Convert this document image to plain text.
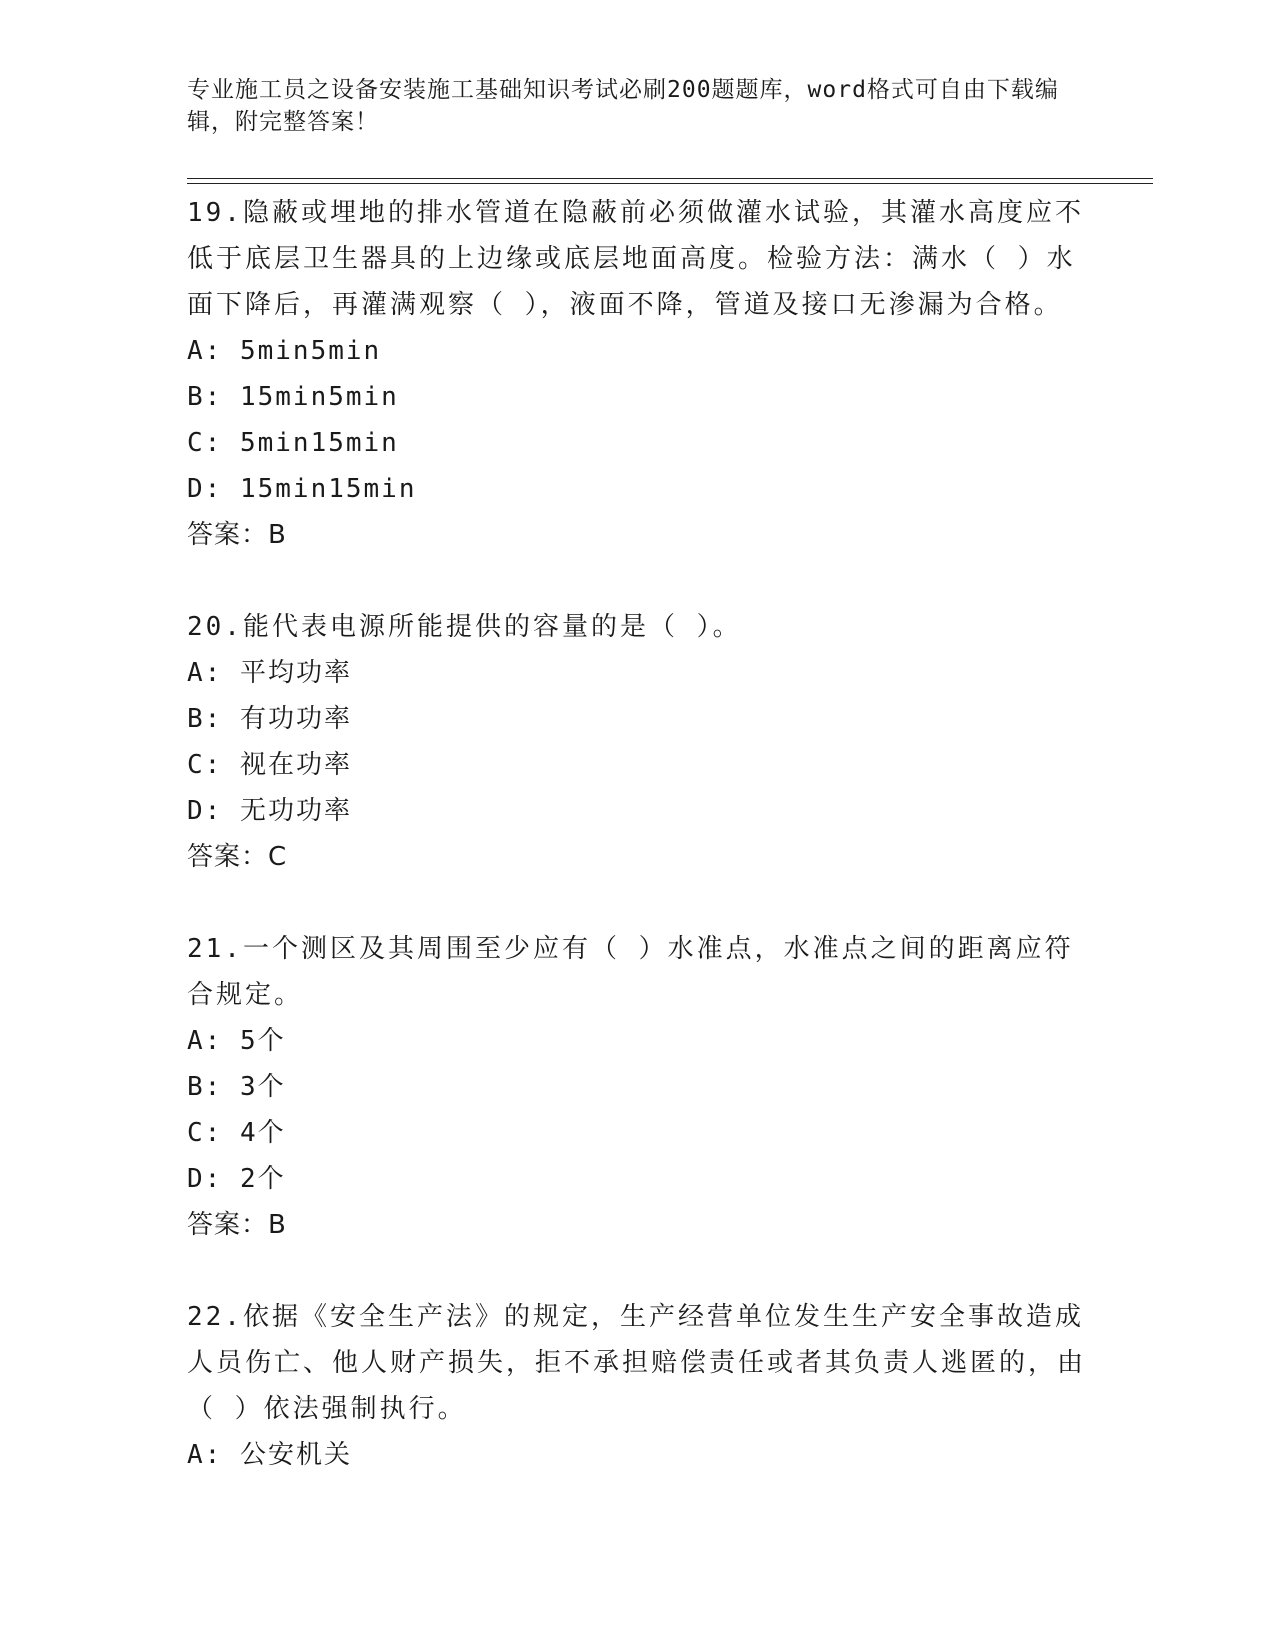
专业施工员之设备安装施工基础知识考试必刷200题题库，word格式可自由下载编辑，附完整答案！

19.隐蔽或埋地的排水管道在隐蔽前必须做灌水试验，其灌水高度应不低于底层卫生器具的上边缘或底层地面高度。检验方法：满水（ ）水面下降后，再灌满观察（ ），液面不降，管道及接口无渗漏为合格。

A: 5min5min

B: 15min5min

C: 5min15min

D: 15min15min

答案：B

20.能代表电源所能提供的容量的是（ ）。

A: 平均功率

B: 有功功率

C: 视在功率

D: 无功功率

答案：C

21.一个测区及其周围至少应有（ ）水准点，水准点之间的距离应符合规定。

A: 5个

B: 3个

C: 4个

D: 2个

答案：B

22.依据《安全生产法》的规定，生产经营单位发生生产安全事故造成人员伤亡、他人财产损失，拒不承担赔偿责任或者其负责人逃匿的，由（ ）依法强制执行。

A: 公安机关
